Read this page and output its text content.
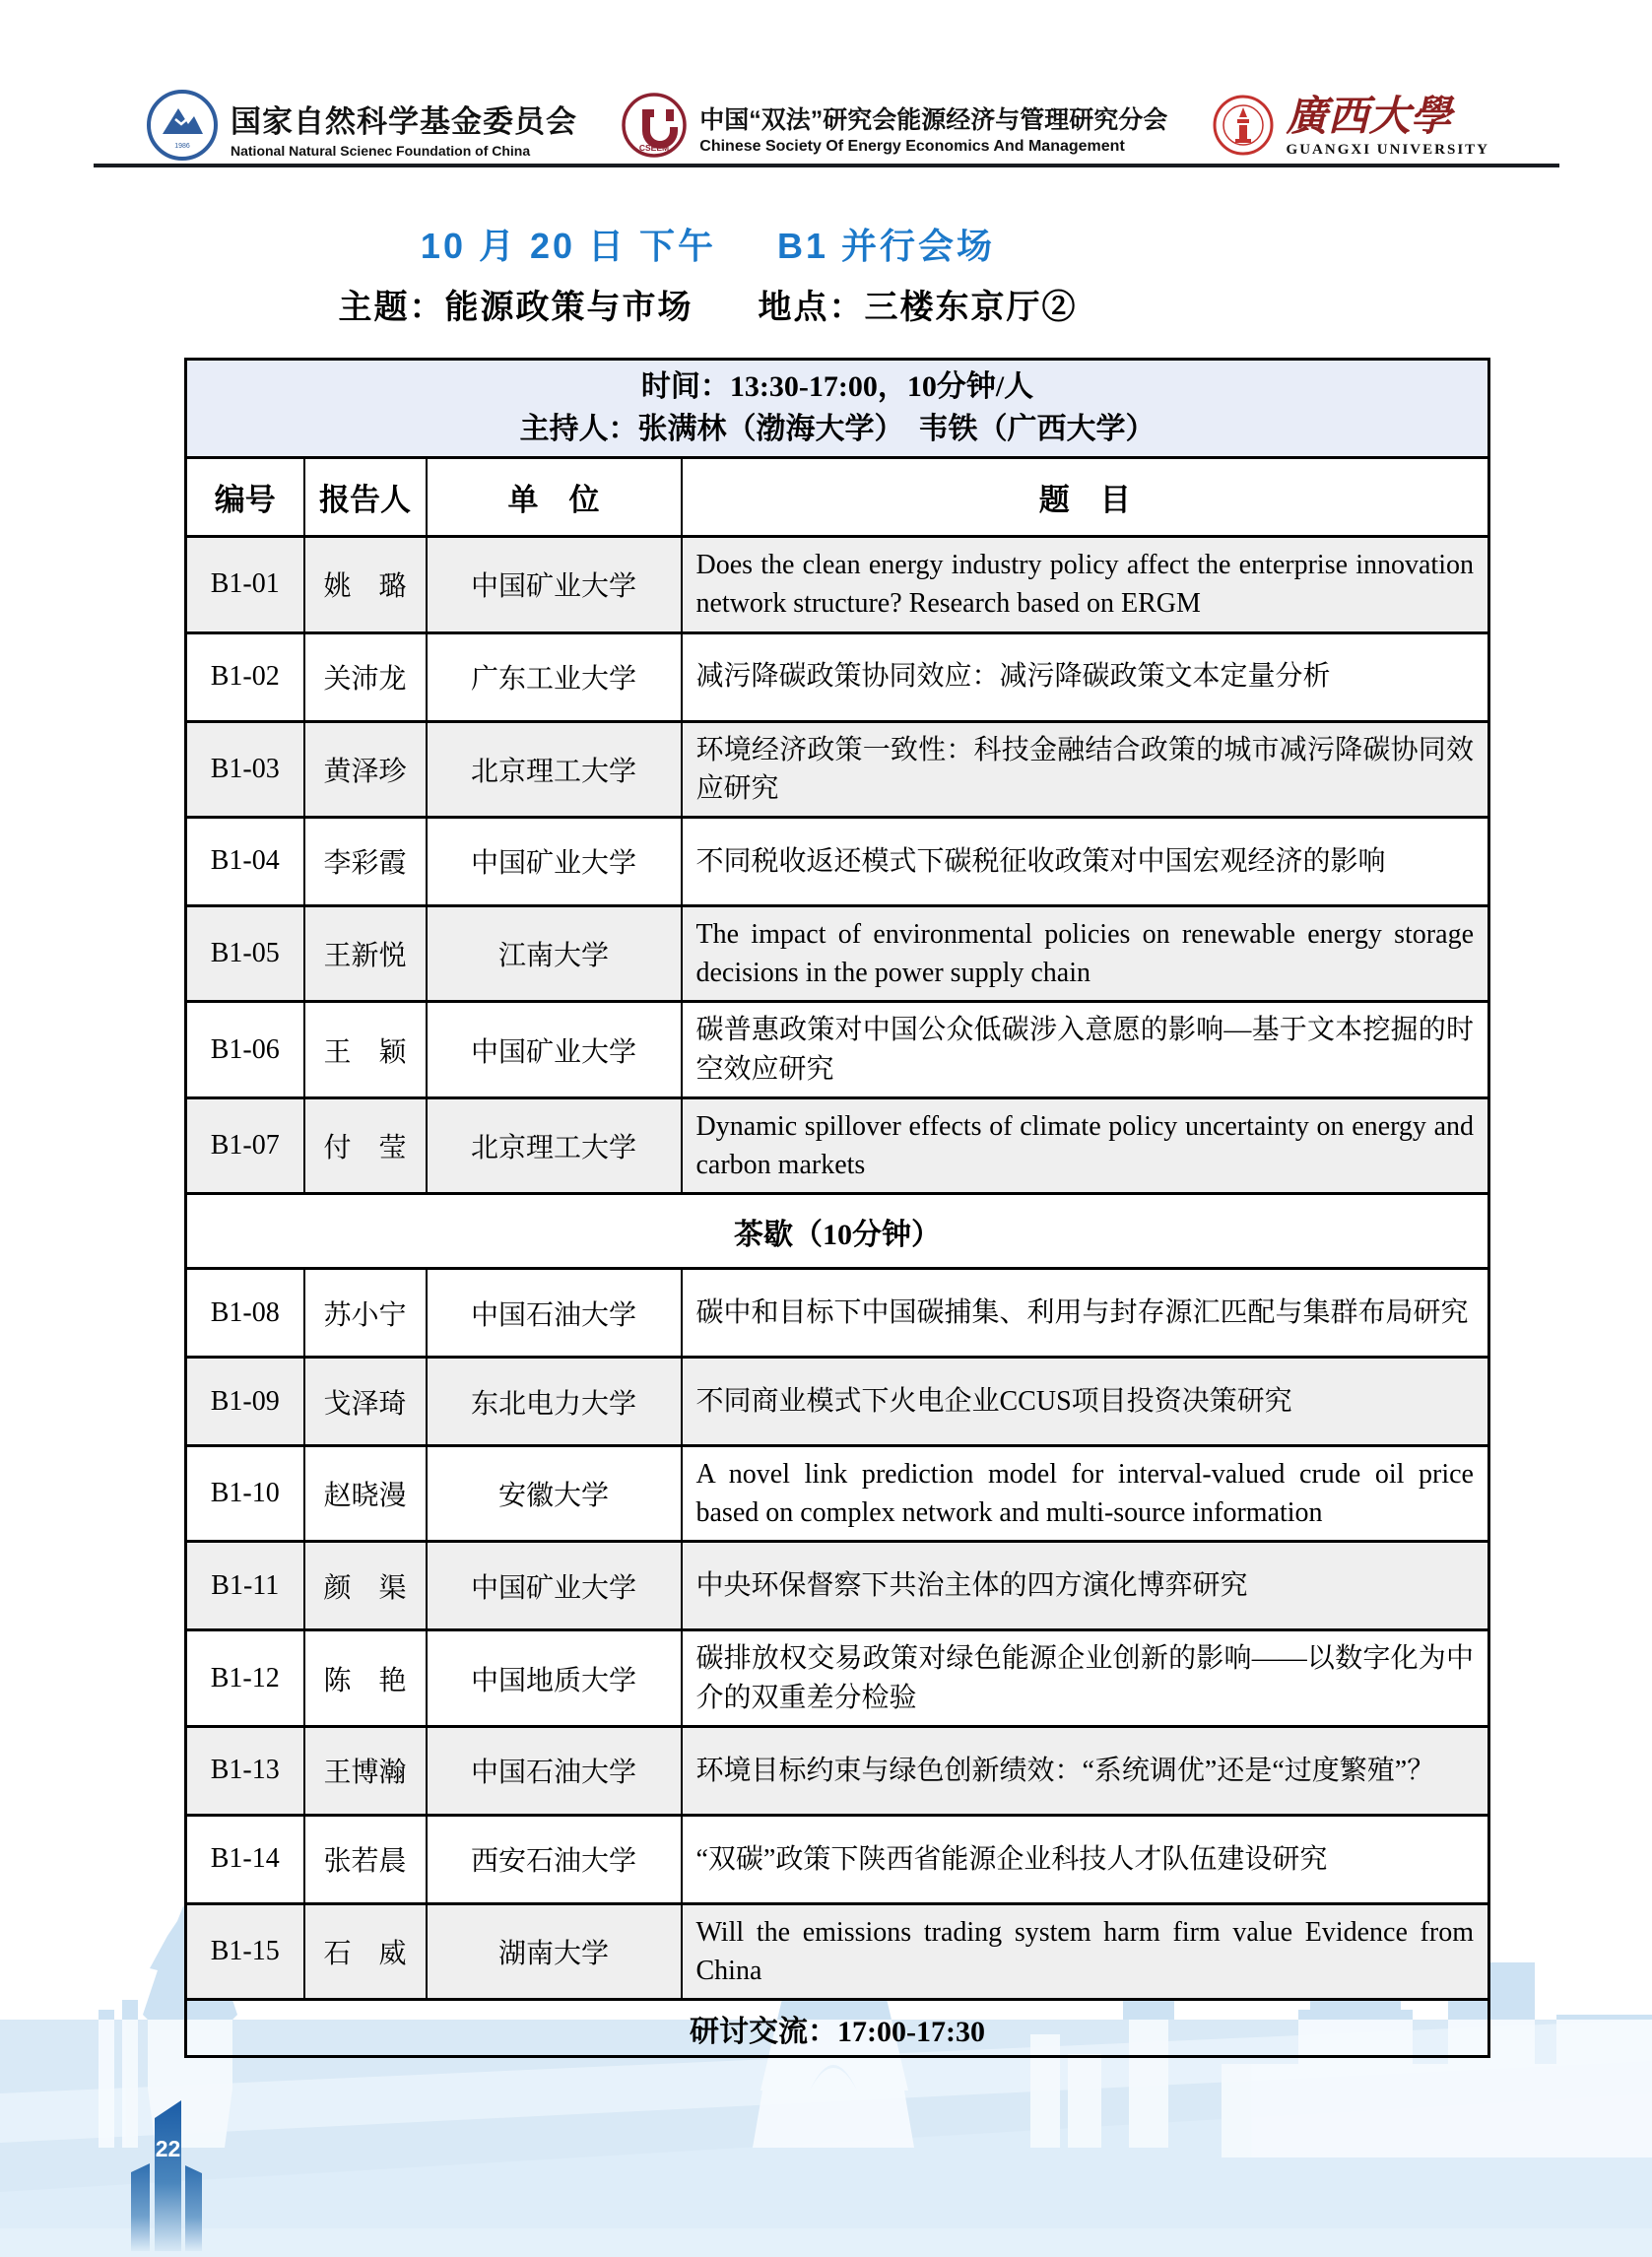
1986
国家自然科学基金委员会
National Natural Scienec Foundation of China	CSEEM
中国“双法”研究会能源经济与管理研究分会
Chinese Society Of Energy Economics And Management
廣西大學
GUANGXI UNIVERSITY
10 月 20 日 下午 B1 并行会场
主题：能源政策与市场 地点：三楼东京厅②
时间：13:30-17:00，10分钟/人
主持人：张满林（渤海大学）　韦铁（广西大学）			

编号	报告人	单　位	题　目
B1-01	姚　璐	中国矿业大学	Does the clean energy industry policy affect the enterprise innovation network structure? Research based on ERGM
B1-02	关沛龙	广东工业大学	减污降碳政策协同效应：减污降碳政策文本定量分析
B1-03	黄泽珍	北京理工大学	环境经济政策一致性：科技金融结合政策的城市减污降碳协同效应研究
B1-04	李彩霞	中国矿业大学	不同税收返还模式下碳税征收政策对中国宏观经济的影响
B1-05	王新悦	江南大学	The impact of environmental policies on renewable energy storage decisions in the power supply chain
B1-06	王　颖	中国矿业大学	碳普惠政策对中国公众低碳涉入意愿的影响—基于文本挖掘的时空效应研究
B1-07	付　莹	北京理工大学	Dynamic spillover effects of climate policy uncertainty on energy and carbon markets
茶歇（10分钟）			
B1-08	苏小宁	中国石油大学	碳中和目标下中国碳捕集、利用与封存源汇匹配与集群布局研究
B1-09	戈泽琦	东北电力大学	不同商业模式下火电企业CCUS项目投资决策研究
B1-10	赵晓漫	安徽大学	A novel link prediction model for interval-valued crude oil price based on complex network and multi-source information
B1-11	颜　渠	中国矿业大学	中央环保督察下共治主体的四方演化博弈研究
B1-12	陈　艳	中国地质大学	碳排放权交易政策对绿色能源企业创新的影响——以数字化为中介的双重差分检验
B1-13	王博瀚	中国石油大学	环境目标约束与绿色创新绩效：“系统调优”还是“过度繁殖”？
B1-14	张若晨	西安石油大学	“双碳”政策下陕西省能源企业科技人才队伍建设研究
B1-15	石　威	湖南大学	Will the emissions trading system harm firm value Evidence from China
研讨交流：17:00-17:30			
广西大学
22
